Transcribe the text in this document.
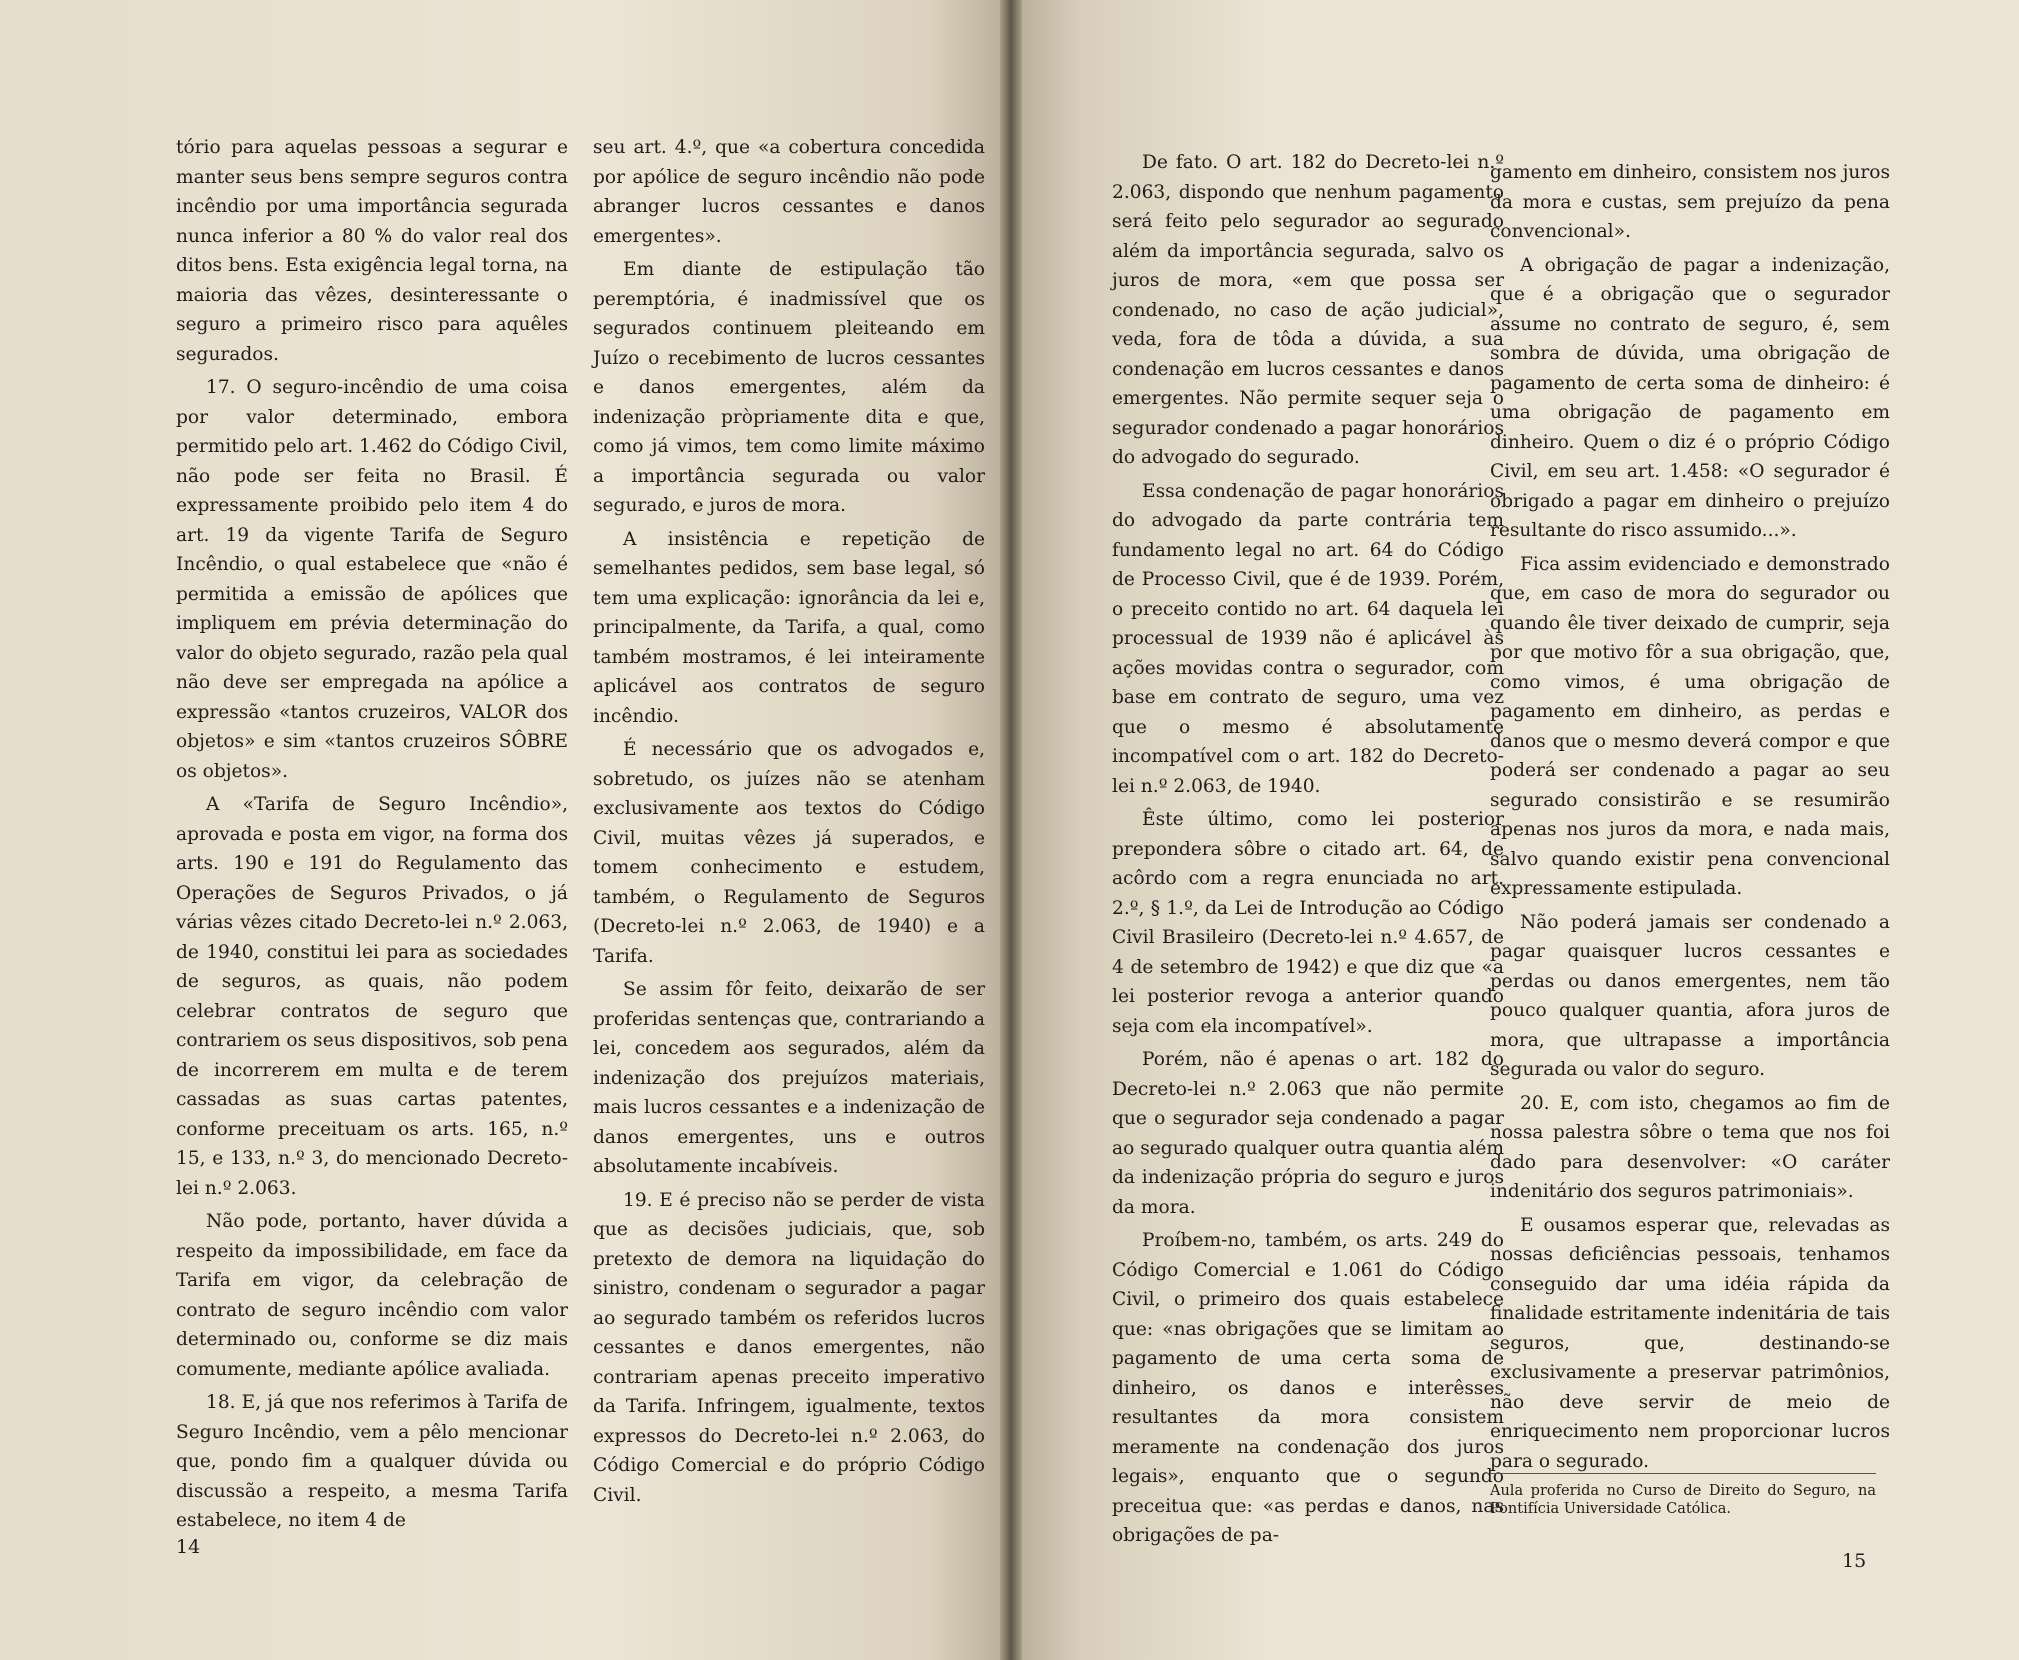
tório para aquelas pessoas a segurar e manter seus bens sempre seguros contra incêndio por uma importância segurada nunca inferior a 80 % do valor real dos ditos bens. Esta exigência legal torna, na maioria das vêzes, desinteressante o seguro a primeiro risco para aquêles segurados.

17. O seguro-incêndio de uma coisa por valor determinado, embora permitido pelo art. 1.462 do Código Civil, não pode ser feita no Brasil. É expressamente proibido pelo item 4 do art. 19 da vigente Tarifa de Seguro Incêndio, o qual estabelece que «não é permitida a emissão de apólices que impliquem em prévia determinação do valor do objeto segurado, razão pela qual não deve ser empregada na apólice a expressão «tantos cruzeiros, VALOR dos objetos» e sim «tantos cruzeiros SÔBRE os objetos».

A «Tarifa de Seguro Incêndio», aprovada e posta em vigor, na forma dos arts. 190 e 191 do Regulamento das Operações de Seguros Privados, o já várias vêzes citado Decreto-lei n.º 2.063, de 1940, constitui lei para as sociedades de seguros, as quais, não podem celebrar contratos de seguro que contrariem os seus dispositivos, sob pena de incorrerem em multa e de terem cassadas as suas cartas patentes, conforme preceituam os arts. 165, n.º 15, e 133, n.º 3, do mencionado Decreto-lei n.º 2.063.

Não pode, portanto, haver dúvida a respeito da impossibilidade, em face da Tarifa em vigor, da celebração de contrato de seguro incêndio com valor determinado ou, conforme se diz mais comumente, mediante apólice avaliada.

18. E, já que nos referimos à Tarifa de Seguro Incêndio, vem a pêlo mencionar que, pondo fim a qualquer dúvida ou discussão a respeito, a mesma Tarifa estabelece, no item 4 de

seu art. 4.º, que «a cobertura concedida por apólice de seguro incêndio não pode abranger lucros cessantes e danos emergentes».

Em diante de estipulação tão peremptória, é inadmissível que os segurados continuem pleiteando em Juízo o recebimento de lucros cessantes e danos emergentes, além da indenização pròpriamente dita e que, como já vimos, tem como limite máximo a importância segurada ou valor segurado, e juros de mora.

A insistência e repetição de semelhantes pedidos, sem base legal, só tem uma explicação: ignorância da lei e, principalmente, da Tarifa, a qual, como também mostramos, é lei inteiramente aplicável aos contratos de seguro incêndio.

É necessário que os advogados e, sobretudo, os juízes não se atenham exclusivamente aos textos do Código Civil, muitas vêzes já superados, e tomem conhecimento e estudem, também, o Regulamento de Seguros (Decreto-lei n.º 2.063, de 1940) e a Tarifa.

Se assim fôr feito, deixarão de ser proferidas sentenças que, contrariando a lei, concedem aos segurados, além da indenização dos prejuízos materiais, mais lucros cessantes e a indenização de danos emergentes, uns e outros absolutamente incabíveis.

19. E é preciso não se perder de vista que as decisões judiciais, que, sob pretexto de demora na liquidação do sinistro, condenam o segurador a pagar ao segurado também os referidos lucros cessantes e danos emergentes, não contrariam apenas preceito imperativo da Tarifa. Infringem, igualmente, textos expressos do Decreto-lei n.º 2.063, do Código Comercial e do próprio Código Civil.

14

De fato. O art. 182 do Decreto-lei n.º 2.063, dispondo que nenhum pagamento será feito pelo segurador ao segurado além da importância segurada, salvo os juros de mora, «em que possa ser condenado, no caso de ação judicial», veda, fora de tôda a dúvida, a sua condenação em lucros cessantes e danos emergentes. Não permite sequer seja o segurador condenado a pagar honorários do advogado do segurado.

Essa condenação de pagar honorários do advogado da parte contrária tem fundamento legal no art. 64 do Código de Processo Civil, que é de 1939. Porém, o preceito contido no art. 64 daquela lei processual de 1939 não é aplicável às ações movidas contra o segurador, com base em contrato de seguro, uma vez que o mesmo é absolutamente incompatível com o art. 182 do Decreto-lei n.º 2.063, de 1940.

Êste último, como lei posterior prepondera sôbre o citado art. 64, de acôrdo com a regra enunciada no art. 2.º, § 1.º, da Lei de Introdução ao Código Civil Brasileiro (Decreto-lei n.º 4.657, de 4 de setembro de 1942) e que diz que «a lei posterior revoga a anterior quando seja com ela incompatível».

Porém, não é apenas o art. 182 do Decreto-lei n.º 2.063 que não permite que o segurador seja condenado a pagar ao segurado qualquer outra quantia além da indenização própria do seguro e juros da mora.

Proíbem-no, também, os arts. 249 do Código Comercial e 1.061 do Código Civil, o primeiro dos quais estabelece que: «nas obrigações que se limitam ao pagamento de uma certa soma de dinheiro, os danos e interêsses resultantes da mora consistem meramente na condenação dos juros legais», enquanto que o segundo preceitua que: «as perdas e danos, nas obrigações de pa-

gamento em dinheiro, consistem nos juros da mora e custas, sem prejuízo da pena convencional».

A obrigação de pagar a indenização, que é a obrigação que o segurador assume no contrato de seguro, é, sem sombra de dúvida, uma obrigação de pagamento de certa soma de dinheiro: é uma obrigação de pagamento em dinheiro. Quem o diz é o próprio Código Civil, em seu art. 1.458: «O segurador é obrigado a pagar em dinheiro o prejuízo resultante do risco assumido...».

Fica assim evidenciado e demonstrado que, em caso de mora do segurador ou quando êle tiver deixado de cumprir, seja por que motivo fôr a sua obrigação, que, como vimos, é uma obrigação de pagamento em dinheiro, as perdas e danos que o mesmo deverá compor e que poderá ser condenado a pagar ao seu segurado consistirão e se resumirão apenas nos juros da mora, e nada mais, salvo quando existir pena convencional expressamente estipulada.

Não poderá jamais ser condenado a pagar quaisquer lucros cessantes e perdas ou danos emergentes, nem tão pouco qualquer quantia, afora juros de mora, que ultrapasse a importância segurada ou valor do seguro.

20. E, com isto, chegamos ao fim de nossa palestra sôbre o tema que nos foi dado para desenvolver: «O caráter indenitário dos seguros patrimoniais».

E ousamos esperar que, relevadas as nossas deficiências pessoais, tenhamos conseguido dar uma idéia rápida da finalidade estritamente indenitária de tais seguros, que, destinando-se exclusivamente a preservar patrimônios, não deve servir de meio de enriquecimento nem proporcionar lucros para o segurado.

Aula proferida no Curso de Direito do Seguro, na Pontifícia Universidade Católica.
15
